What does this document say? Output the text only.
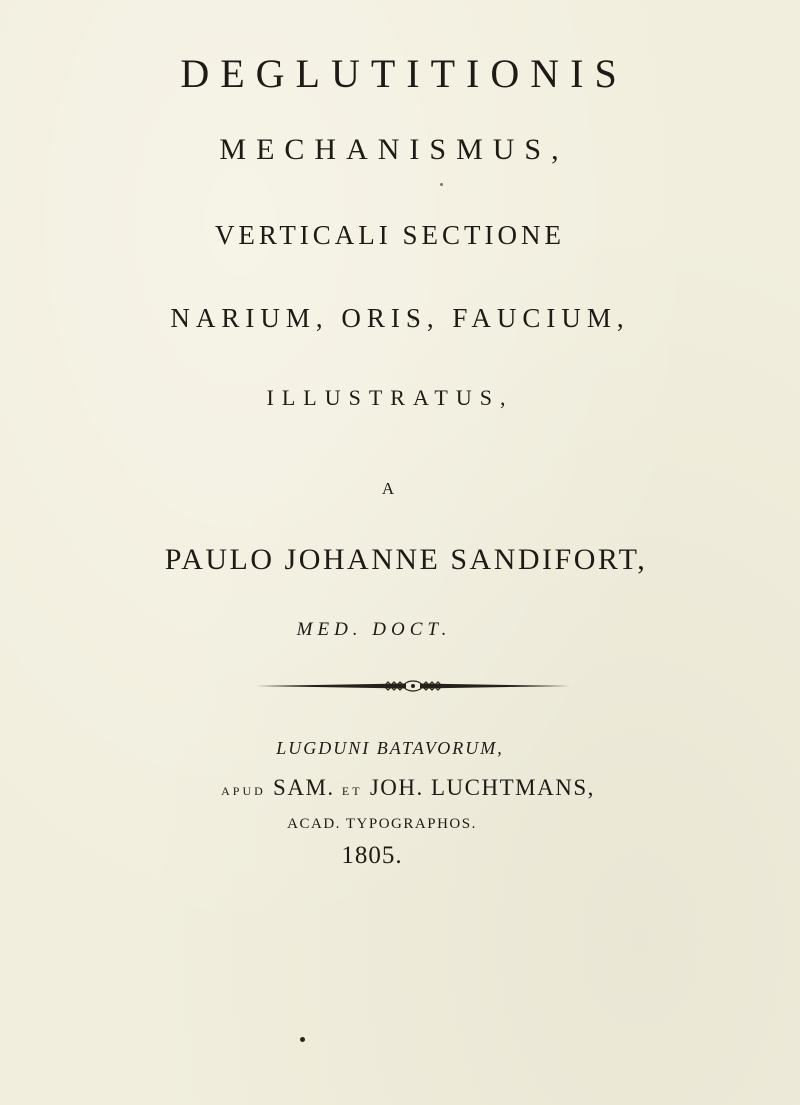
DEGLUTITIONIS
MECHANISMUS,
VERTICALI SECTIONE
NARIUM, ORIS, FAUCIUM,
ILLUSTRATUS,
A
PAULO JOHANNE SANDIFORT,
MED. DOCT.
LUGDUNI BATAVORUM,
APUD SAM. ET JOH. LUCHTMANS,
ACAD. TYPOGRAPHOS.
1805.
